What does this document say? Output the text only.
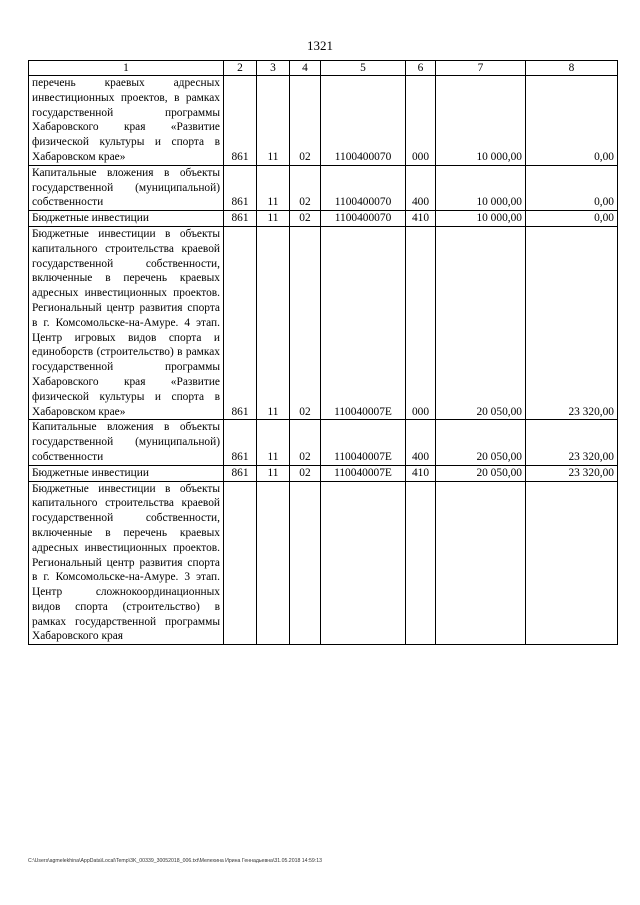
1321
1	2	3	4	5	6	7	8
перечень краевых адресных инвестиционных проектов, в рамках государственной программы Хабаровского края «Развитие физической культуры и спорта в Хабаровском крае»	861	11	02	1100400070	000	10 000,00	0,00
Капитальные вложения в объекты государственной (муниципальной) собственности	861	11	02	1100400070	400	10 000,00	0,00
Бюджетные инвестиции	861	11	02	1100400070	410	10 000,00	0,00
Бюджетные инвестиции в объекты капитального строительства краевой государственной собственности, включенные в перечень краевых адресных инвестиционных проектов. Региональный центр развития спорта в г. Комсомольске-на-Амуре. 4 этап. Центр игровых видов спорта и единоборств (строительство) в рамках государственной программы Хабаровского края «Развитие физической культуры и спорта в Хабаровском крае»	861	11	02	110040007Е	000	20 050,00	23 320,00
Капитальные вложения в объекты государственной (муниципальной) собственности	861	11	02	110040007Е	400	20 050,00	23 320,00
Бюджетные инвестиции	861	11	02	110040007Е	410	20 050,00	23 320,00
Бюджетные инвестиции в объекты капитального строительства краевой государственной собственности, включенные в перечень краевых адресных инвестиционных проектов. Региональный центр развития спорта в г. Комсомольске-на-Амуре. 3 этап. Центр сложнокоординационных видов спорта (строительство) в рамках государственной программы Хабаровского края							
C:\Users\agmelekhina\AppData\Local\Temp\3K_00339_30052018_006.txt\Мелехина Ирина Геннадьевна\31.05.2018 14:59:13
